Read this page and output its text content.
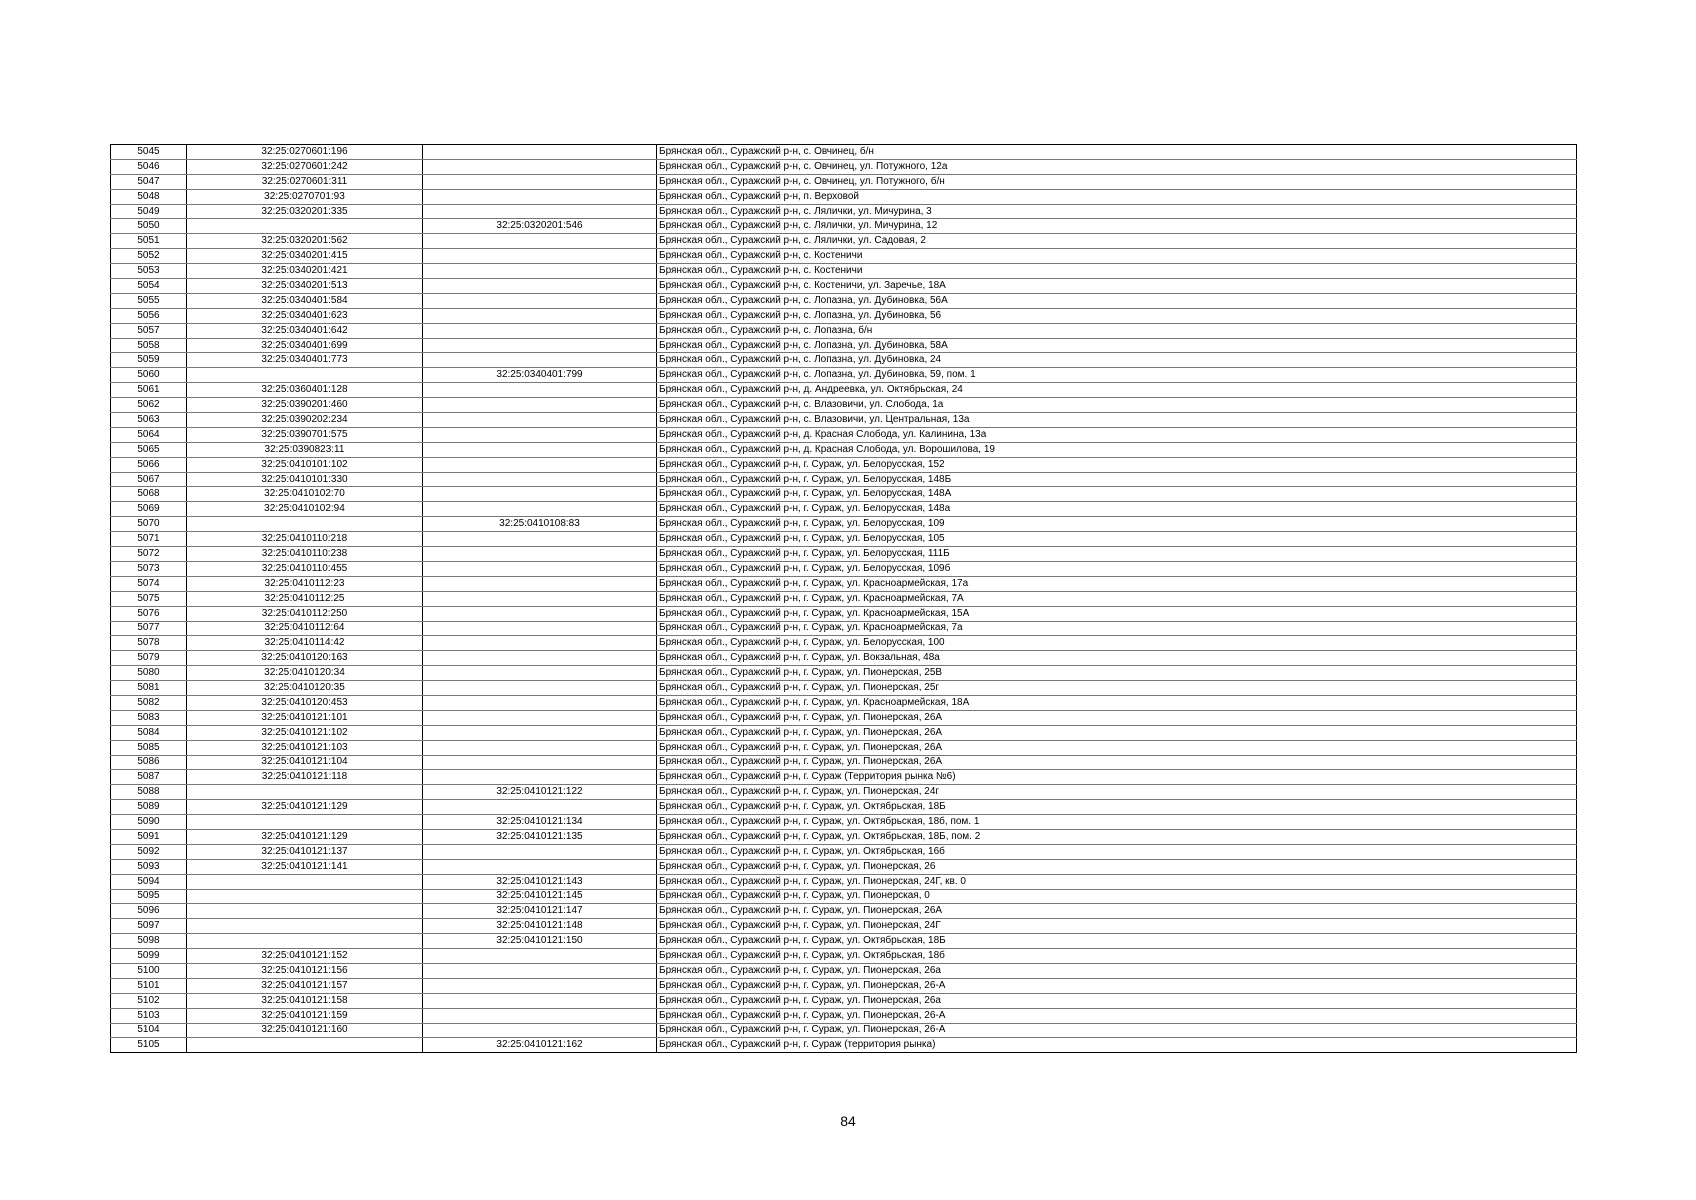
5045	32:25:0270601:196		Брянская обл., Суражский р-н, с. Овчинец, б/н
5046	32:25:0270601:242		Брянская обл., Суражский р-н, с. Овчинец, ул. Потужного, 12а
5047	32:25:0270601:311		Брянская обл., Суражский р-н, с. Овчинец, ул. Потужного, б/н
5048	32:25:0270701:93		Брянская обл., Суражский р-н, п. Верховой
5049	32:25:0320201:335		Брянская обл., Суражский р-н, с. Лялички, ул. Мичурина, 3
5050		32:25:0320201:546	Брянская обл., Суражский р-н, с. Лялички, ул. Мичурина, 12
5051	32:25:0320201:562		Брянская обл., Суражский р-н, с. Лялички, ул. Садовая, 2
5052	32:25:0340201:415		Брянская обл., Суражский р-н, с. Костеничи
5053	32:25:0340201:421		Брянская обл., Суражский р-н, с. Костеничи
5054	32:25:0340201:513		Брянская обл., Суражский р-н, с. Костеничи, ул. Заречье, 18А
5055	32:25:0340401:584		Брянская обл., Суражский р-н, с. Лопазна, ул. Дубиновка, 56А
5056	32:25:0340401:623		Брянская обл., Суражский р-н, с. Лопазна, ул. Дубиновка, 56
5057	32:25:0340401:642		Брянская обл., Суражский р-н, с. Лопазна, б/н
5058	32:25:0340401:699		Брянская обл., Суражский р-н, с. Лопазна, ул. Дубиновка, 58А
5059	32:25:0340401:773		Брянская обл., Суражский р-н, с. Лопазна, ул. Дубиновка, 24
5060		32:25:0340401:799	Брянская обл., Суражский р-н, с. Лопазна, ул. Дубиновка, 59, пом. 1
5061	32:25:0360401:128		Брянская обл., Суражский р-н, д. Андреевка, ул. Октябрьская, 24
5062	32:25:0390201:460		Брянская обл., Суражский р-н, с. Влазовичи, ул. Слобода, 1а
5063	32:25:0390202:234		Брянская обл., Суражский р-н, с. Влазовичи, ул. Центральная, 13а
5064	32:25:0390701:575		Брянская обл., Суражский р-н, д. Красная Слобода, ул. Калинина, 13а
5065	32:25:0390823:11		Брянская обл., Суражский р-н, д. Красная Слобода, ул. Ворошилова, 19
5066	32:25:0410101:102		Брянская обл., Суражский р-н, г. Сураж, ул. Белорусская, 152
5067	32:25:0410101:330		Брянская обл., Суражский р-н, г. Сураж, ул. Белорусская, 148Б
5068	32:25:0410102:70		Брянская обл., Суражский р-н, г. Сураж, ул. Белорусская, 148А
5069	32:25:0410102:94		Брянская обл., Суражский р-н, г. Сураж, ул. Белорусская, 148а
5070		32:25:0410108:83	Брянская обл., Суражский р-н, г. Сураж, ул. Белорусская, 109
5071	32:25:0410110:218		Брянская обл., Суражский р-н, г. Сураж, ул. Белорусская, 105
5072	32:25:0410110:238		Брянская обл., Суражский р-н, г. Сураж, ул. Белорусская, 111Б
5073	32:25:0410110:455		Брянская обл., Суражский р-н, г. Сураж, ул. Белорусская, 109б
5074	32:25:0410112:23		Брянская обл., Суражский р-н, г. Сураж, ул. Красноармейская, 17а
5075	32:25:0410112:25		Брянская обл., Суражский р-н, г. Сураж, ул. Красноармейская, 7А
5076	32:25:0410112:250		Брянская обл., Суражский р-н, г. Сураж, ул. Красноармейская, 15А
5077	32:25:0410112:64		Брянская обл., Суражский р-н, г. Сураж, ул. Красноармейская, 7а
5078	32:25:0410114:42		Брянская обл., Суражский р-н, г. Сураж, ул. Белорусская, 100
5079	32:25:0410120:163		Брянская обл., Суражский р-н, г. Сураж, ул. Вокзальная, 48а
5080	32:25:0410120:34		Брянская обл., Суражский р-н, г. Сураж, ул. Пионерская, 25В
5081	32:25:0410120:35		Брянская обл., Суражский р-н, г. Сураж, ул. Пионерская, 25г
5082	32:25:0410120:453		Брянская обл., Суражский р-н, г. Сураж, ул. Красноармейская, 18А
5083	32:25:0410121:101		Брянская обл., Суражский р-н, г. Сураж, ул. Пионерская, 26А
5084	32:25:0410121:102		Брянская обл., Суражский р-н, г. Сураж, ул. Пионерская, 26А
5085	32:25:0410121:103		Брянская обл., Суражский р-н, г. Сураж, ул. Пионерская, 26А
5086	32:25:0410121:104		Брянская обл., Суражский р-н, г. Сураж, ул. Пионерская, 26А
5087	32:25:0410121:118		Брянская обл., Суражский р-н, г. Сураж (Территория рынка №6)
5088		32:25:0410121:122	Брянская обл., Суражский р-н, г. Сураж, ул. Пионерская, 24г
5089	32:25:0410121:129		Брянская обл., Суражский р-н, г. Сураж, ул. Октябрьская, 18Б
5090		32:25:0410121:134	Брянская обл., Суражский р-н, г. Сураж, ул. Октябрьская, 18б, пом. 1
5091	32:25:0410121:129	32:25:0410121:135	Брянская обл., Суражский р-н, г. Сураж, ул. Октябрьская, 18Б, пом. 2
5092	32:25:0410121:137		Брянская обл., Суражский р-н, г. Сураж, ул. Октябрьская, 16б
5093	32:25:0410121:141		Брянская обл., Суражский р-н, г. Сураж, ул. Пионерская, 26
5094		32:25:0410121:143	Брянская обл., Суражский р-н, г. Сураж, ул. Пионерская, 24Г, кв. 0
5095		32:25:0410121:145	Брянская обл., Суражский р-н, г. Сураж, ул. Пионерская, 0
5096		32:25:0410121:147	Брянская обл., Суражский р-н, г. Сураж, ул. Пионерская, 26А
5097		32:25:0410121:148	Брянская обл., Суражский р-н, г. Сураж, ул. Пионерская, 24Г
5098		32:25:0410121:150	Брянская обл., Суражский р-н, г. Сураж, ул. Октябрьская, 18Б
5099	32:25:0410121:152		Брянская обл., Суражский р-н, г. Сураж, ул. Октябрьская, 18б
5100	32:25:0410121:156		Брянская обл., Суражский р-н, г. Сураж, ул. Пионерская, 26а
5101	32:25:0410121:157		Брянская обл., Суражский р-н, г. Сураж, ул. Пионерская, 26-А
5102	32:25:0410121:158		Брянская обл., Суражский р-н, г. Сураж, ул. Пионерская, 26а
5103	32:25:0410121:159		Брянская обл., Суражский р-н, г. Сураж, ул. Пионерская, 26-А
5104	32:25:0410121:160		Брянская обл., Суражский р-н, г. Сураж, ул. Пионерская, 26-А
5105		32:25:0410121:162	Брянская обл., Суражский р-н, г. Сураж (территория рынка)
84
